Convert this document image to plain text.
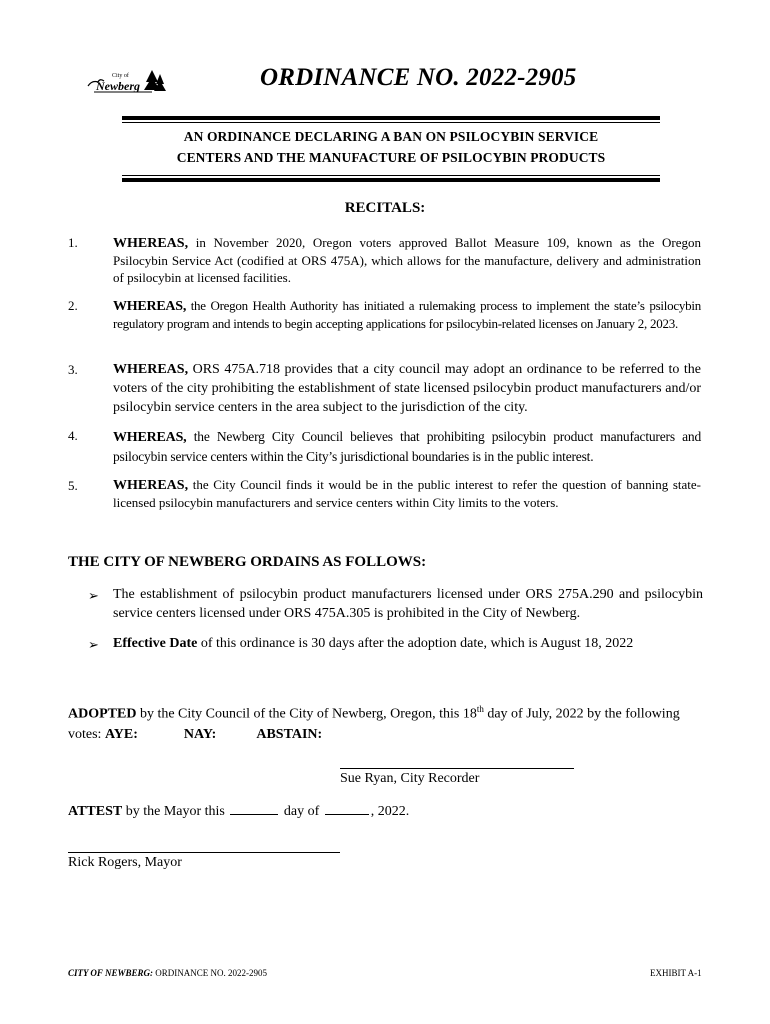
City of
Newberg	ORDINANCE NO. 2022-2905
AN ORDINANCE DECLARING A BAN ON PSILOCYBIN SERVICE
CENTERS AND THE MANUFACTURE OF PSILOCYBIN PRODUCTS
RECITALS:
1.	WHEREAS, in November 2020, Oregon voters approved Ballot Measure 109, known as the Oregon Psilocybin Service Act (codified at ORS 475A), which allows for the manufacture, delivery and administration of psilocybin at licensed facilities.
2.	WHEREAS, the Oregon Health Authority has initiated a rulemaking process to implement the state’s psilocybin regulatory program and intends to begin accepting applications for psilocybin-related licenses on January 2, 2023.
3.	WHEREAS, ORS 475A.718 provides that a city council may adopt an ordinance to be referred to the voters of the city prohibiting the establishment of state licensed psilocybin product manufacturers and/or psilocybin service centers in the area subject to the jurisdiction of the city.
4.	WHEREAS, the Newberg City Council believes that prohibiting psilocybin product manufacturers and psilocybin service centers within the City’s jurisdictional boundaries is in the public interest.
5.	WHEREAS, the City Council finds it would be in the public interest to refer the question of banning state-licensed psilocybin manufacturers and service centers within City limits to the voters.
THE CITY OF NEWBERG ORDAINS AS FOLLOWS:
➢ The establishment of psilocybin product manufacturers licensed under ORS 275A.290 and psilocybin service centers licensed under ORS 475A.305 is prohibited in the City of Newberg.
➢ Effective Date of this ordinance is 30 days after the adoption date, which is August 18, 2022
ADOPTED by the City Council of the City of Newberg, Oregon, this 18th day of July, 2022 by the following votes: AYE:	NAY:	ABSTAIN:
Sue Ryan, City Recorder
ATTEST by the Mayor this	day of	, 2022.
Rick Rogers, Mayor
CITY OF NEWBERG: ORDINANCE NO. 2022-2905	EXHIBIT A-1
